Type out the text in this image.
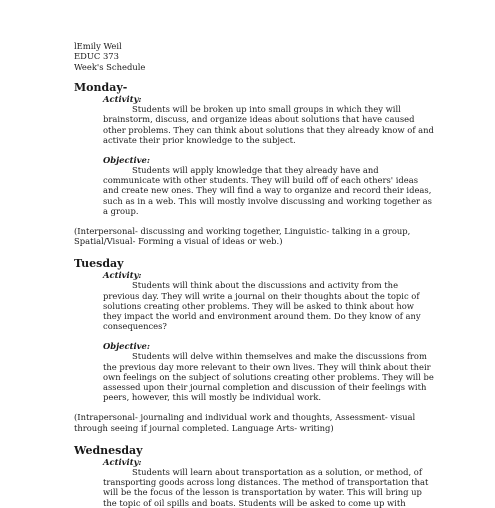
lEmily Weil

EDUC 373

Week's Schedule

Monday-

Activity:

Students will be broken up into small groups in which they will brainstorm, discuss, and organize ideas about solutions that have caused other problems. They can think about solutions that they already know of and activate their prior knowledge to the subject.

Objective:

Students will apply knowledge that they already have and communicate with other students. They will build off of each others' ideas and create new ones. They will find a way to organize and record their ideas, such as in a web. This will mostly involve discussing and working together as a group.

(Interpersonal- discussing and working together, Linguistic- talking in a group, Spatial/Visual- Forming a visual of ideas or web.)

Tuesday

Activity:

Students will think about the discussions and activity from the previous day. They will write a journal on their thoughts about the topic of solutions creating other problems. They will be asked to think about how they impact the world and environment around them. Do they know of any consequences?

Objective:

Students will delve within themselves and make the discussions from the previous day more relevant to their own lives. They will think about their own feelings on the subject of solutions creating other problems. They will be assessed upon their journal completion and discussion of their feelings with peers, however, this will mostly be individual work.

(Intrapersonal- journaling and individual work and thoughts, Assessment- visual through seeing if journal completed. Language Arts- writing)

Wednesday

Activity:

Students will learn about transportation as a solution, or method, of transporting goods across long distances. The method of transportation that will be the focus of the lesson is transportation by water. This will bring up the topic of oil spills and boats. Students will be asked to come up with
